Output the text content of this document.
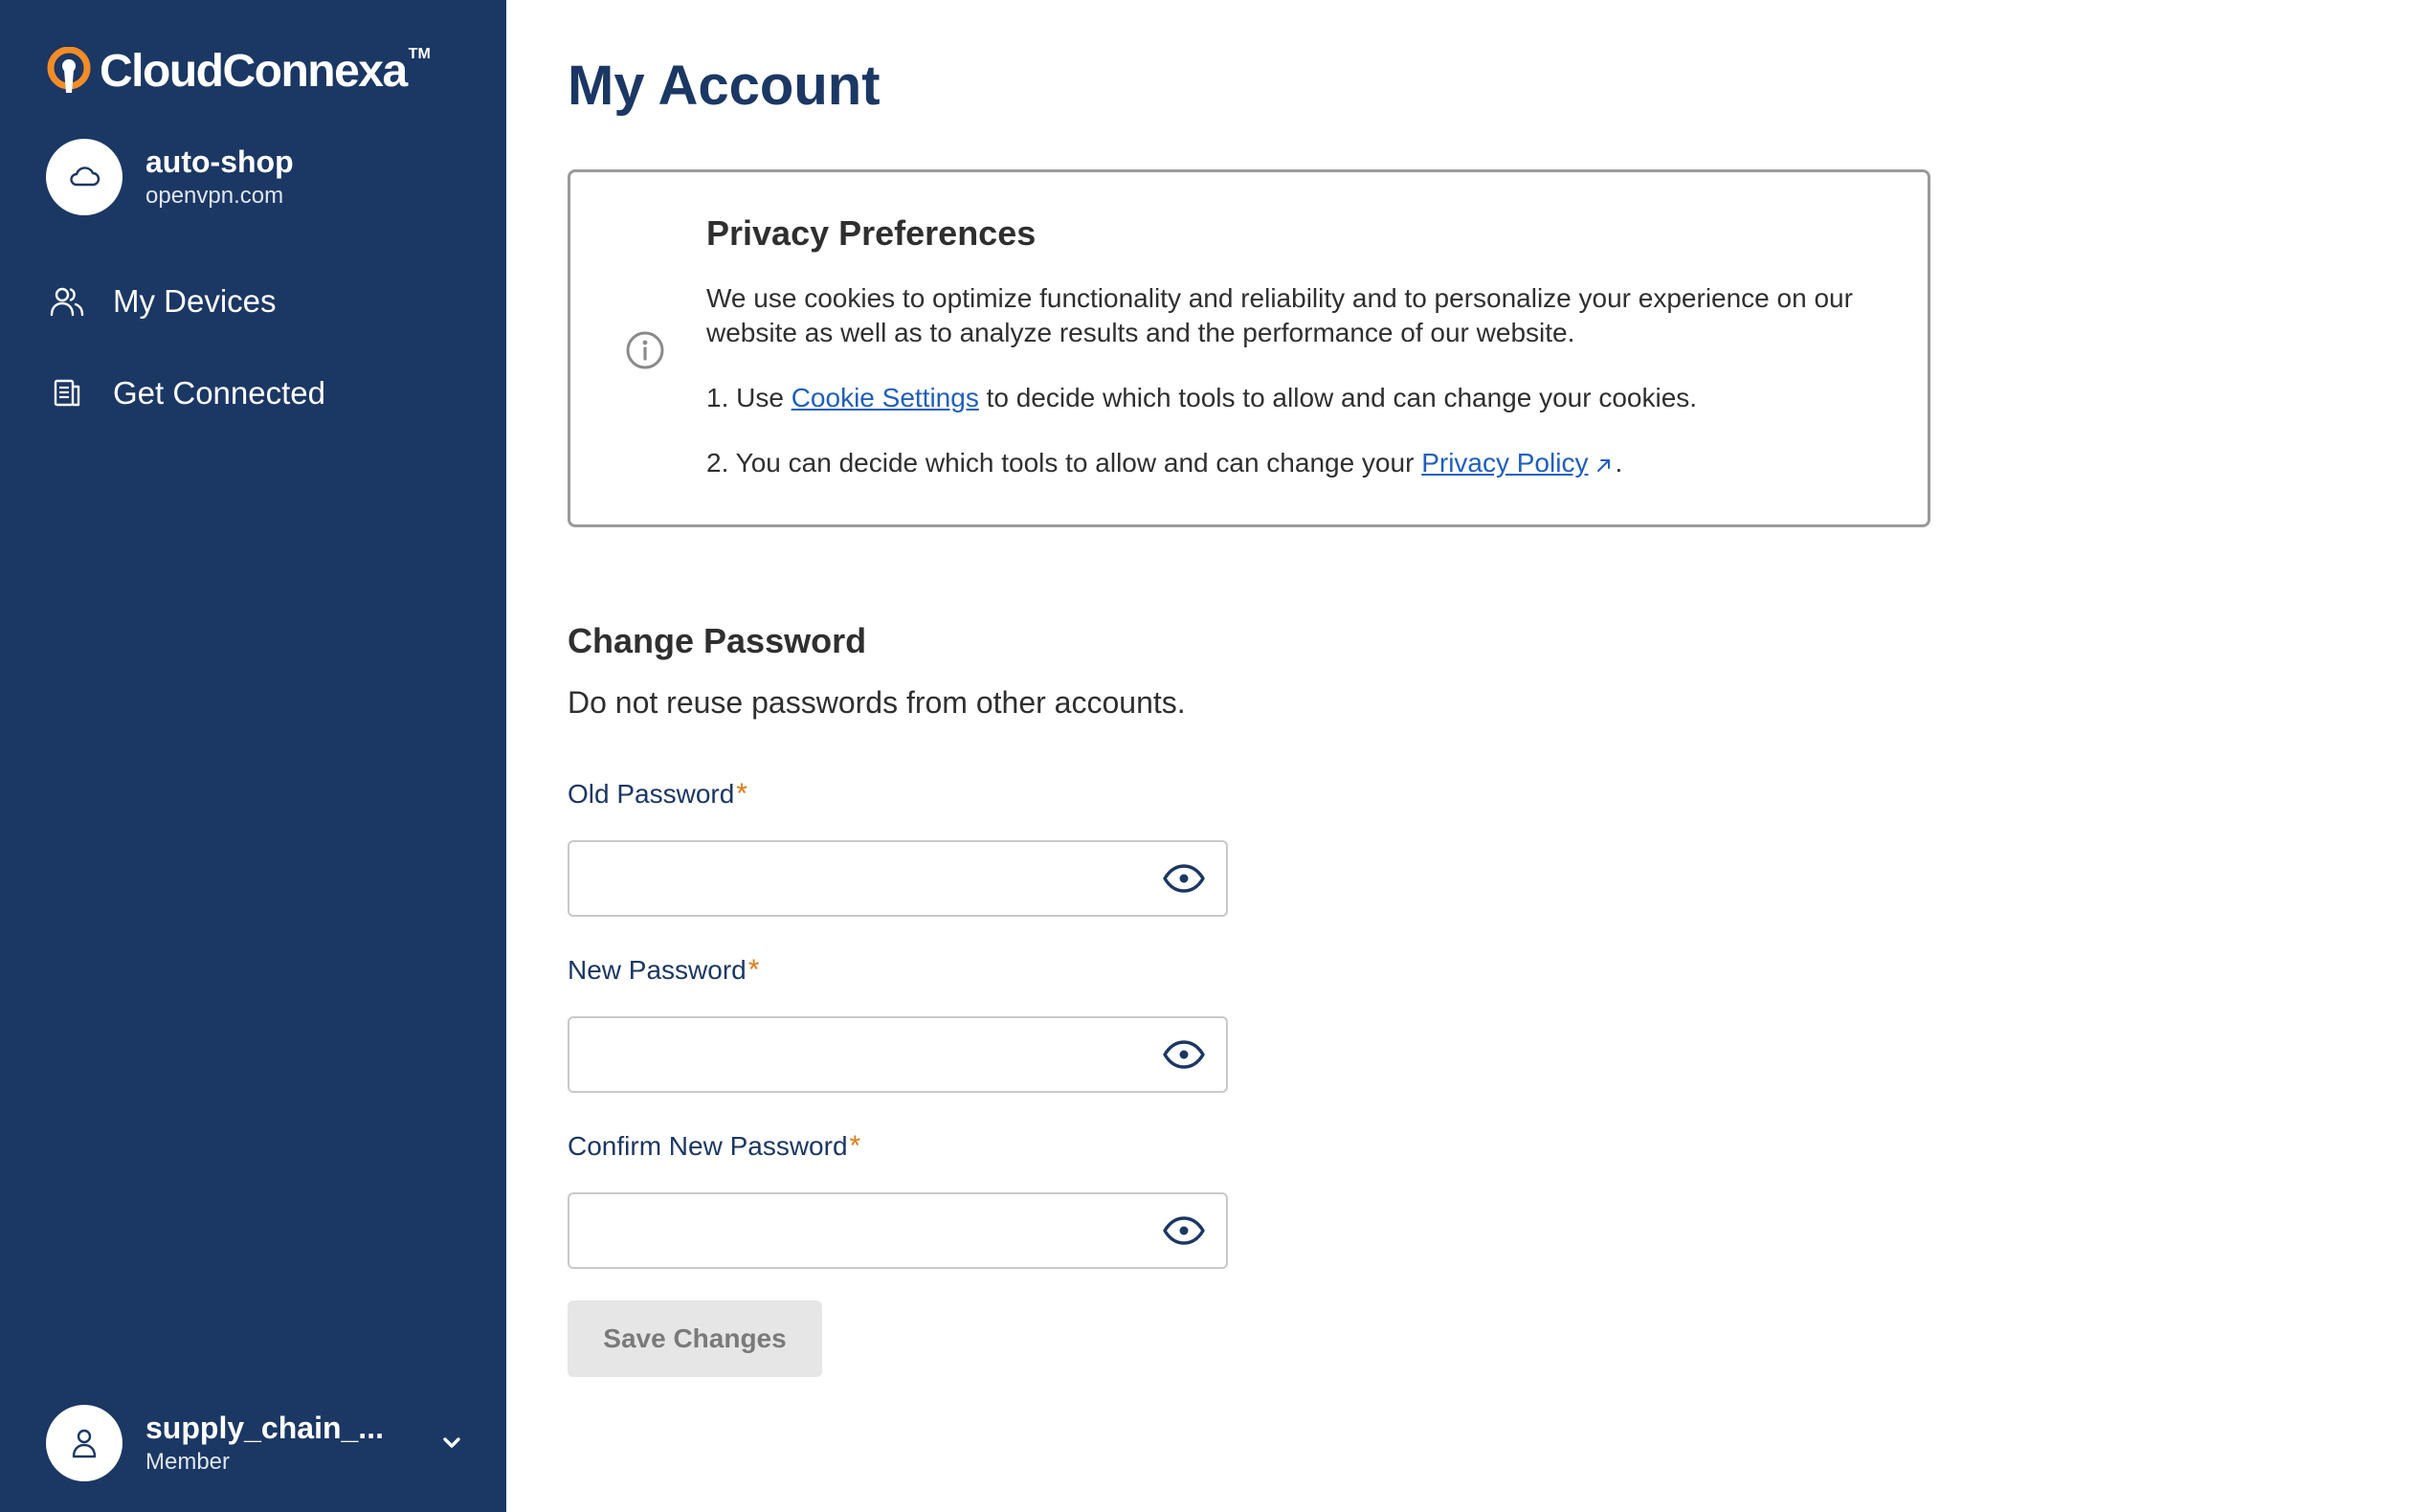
CloudConnexa TM
auto-shop
openvpn.com
My Devices
Get Connected
supply_chain_...
Member
My Account
Privacy Preferences

We use cookies to optimize functionality and reliability and to personalize your experience on our website as well as to analyze results and the performance of our website.

1. Use Cookie Settings to decide which tools to allow and can change your cookies.

2. You can decide which tools to allow and can change your Privacy Policy .

Change Password

Do not reuse passwords from other accounts.

Old Password*
New Password*
Confirm New Password*
Save Changes
